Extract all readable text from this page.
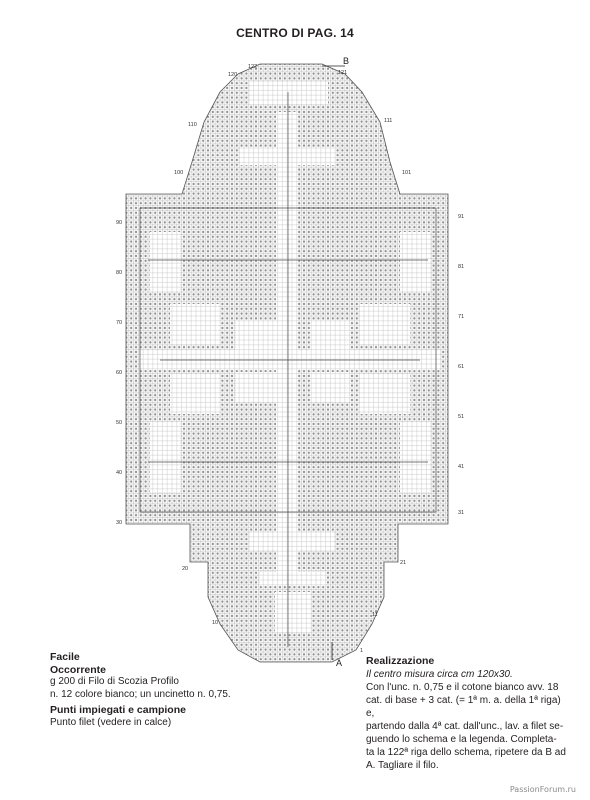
CENTRO DI PAG. 14
120
110
100
90
80
70
60
50
40
30
20
10
122
121
111
101
91
81
71
61
51
41
31
21
11
1
B
A
Facile
Occorrente
g 200 di Filo di Scozia Profilo
n. 12 colore bianco; un uncinetto n. 0,75.
Punti impiegati e campione
Punto filet (vedere in calce)
Realizzazione
Il centro misura circa cm 120x30.
Con l'unc. n. 0,75 e il cotone bianco avv. 18
cat. di base + 3 cat. (= 1ª m. a. della 1ª riga) e,
partendo dalla 4ª cat. dall'unc., lav. a filet se-
guendo lo schema e la legenda. Completa-
ta la 122ª riga dello schema, ripetere da B ad
A. Tagliare il filo.
PassionForum.ru
